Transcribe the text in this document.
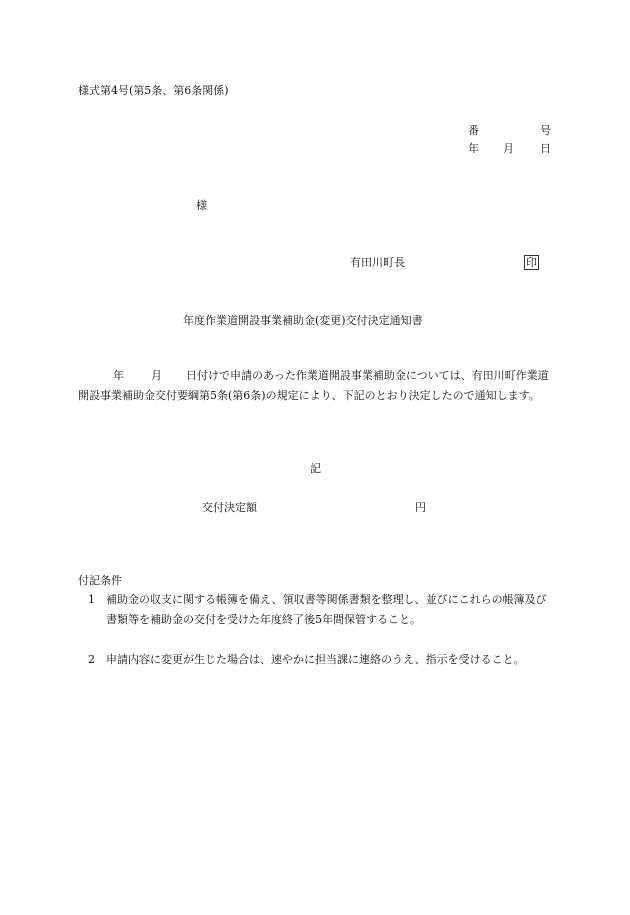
様式第4号(第5条、第6条関係)
番	号
年 月 日
様
有田川町長	印
年度作業道開設事業補助金(変更)交付決定通知書
年 月 日付けで申請のあった作業道開設事業補助金については、有田川町作業道開設事業補助金交付要綱第5条(第6条)の規定により、下記のとおり決定したので通知します。
記
交付決定額	円
付記条件
1 補助金の収支に関する帳簿を備え、領収書等関係書類を整理し、並びにこれらの帳簿及び書類等を補助金の交付を受けた年度終了後5年間保管すること。
2 申請内容に変更が生じた場合は、速やかに担当課に連絡のうえ、指示を受けること。
